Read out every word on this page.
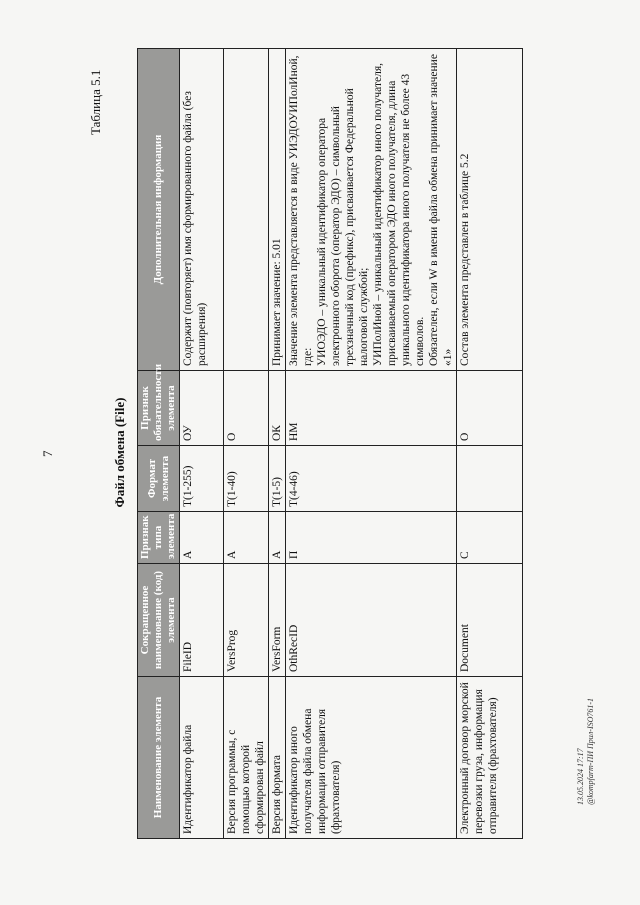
7
Таблица 5.1
Файл обмена (File)
Наименование элемента	Сокращенное наименование (код) элемента	Признак типа элемента	Формат элемента	Признак обязательности элемента	Дополнительная информация
Идентификатор файла	FileID	A	T(1-255)	ОУ	Содержит (повторяет) имя сформированного файла (без расширения)

Версия программы, с помощью которой сформирован файл	VersProg	A	T(1-40)	О	

Версия формата	VersForm	A	T(1-5)	ОК	Принимает значение: 5.01

Идентификатор иного получателя файла обмена информации отправителя (фрахтователя)	OthRecID	П	T(4-46)	НМ	Значение элемента представляется в виде УИЭДОУИПолИной, где: УИОЭДО – уникальный идентификатор оператора электронного оборота (оператор ЭДО) – символьный трехзначный код (префикс), присваивается Федеральной налоговой службой; УИПолИной – уникальный идентификатор иного получателя, присваиваемый оператором ЭДО иного получателя, длина уникального идентификатора иного получателя не более 43 символов. Обязателен, если W в имени файла обмена принимает значение «1»

Электронный договор морской перевозки груза, информация отправителя (фрахтователя)	Document	С		О	Состав элемента представлен в таблице 5.2

13.05.2024 17:17 @kompfarm-ПИ Прил-ISO761-1
